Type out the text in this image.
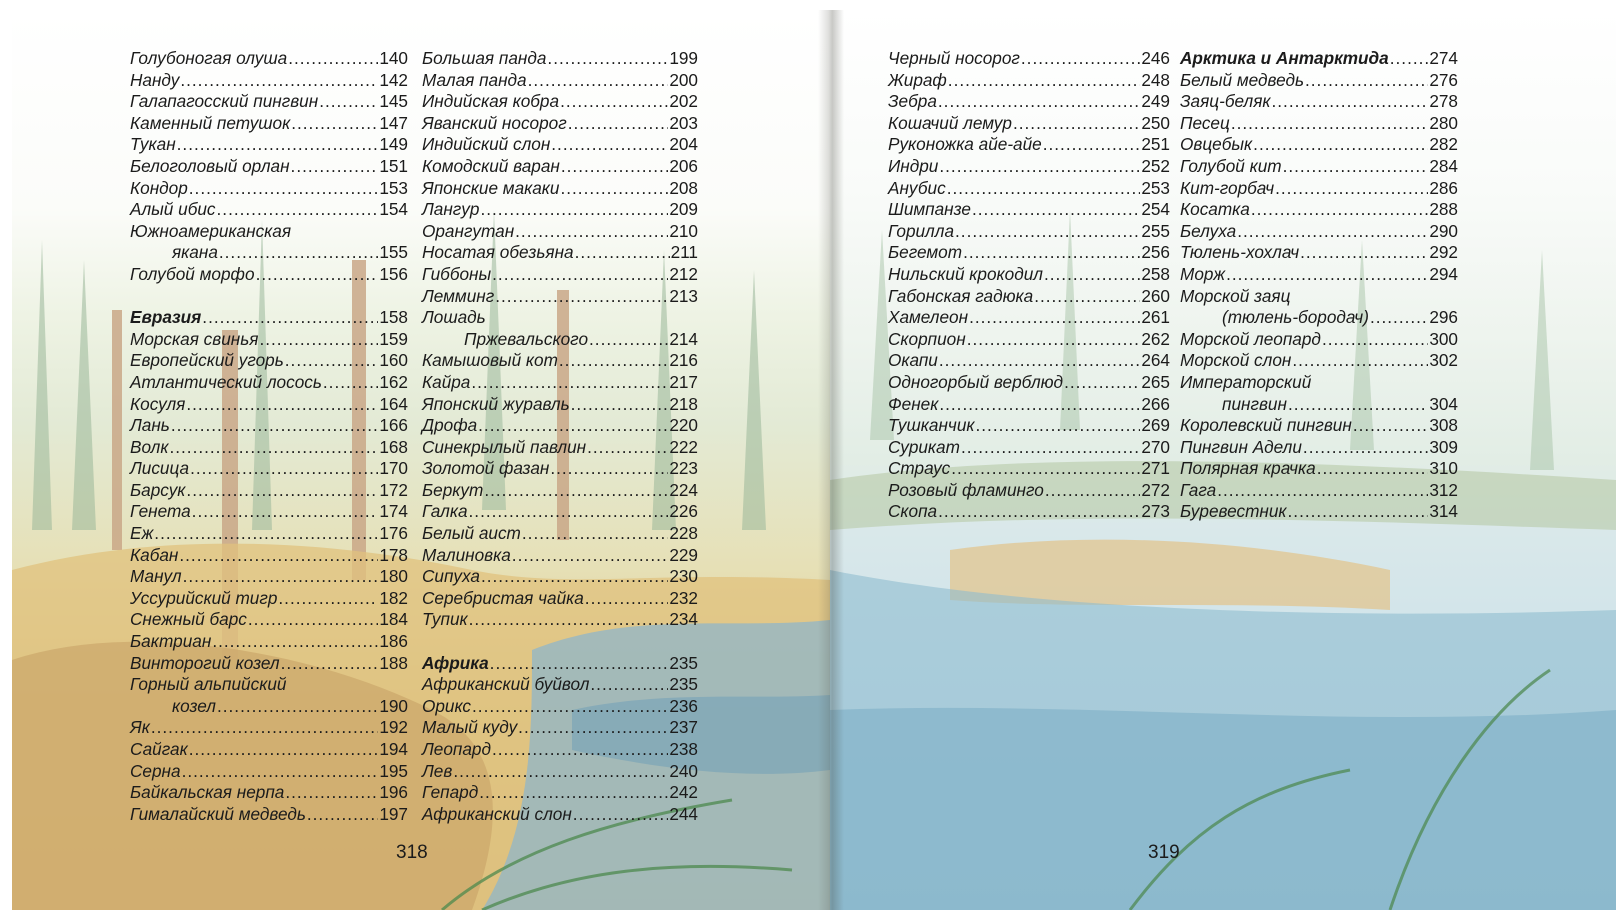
Голубоногая олуша .....	140
Нанду .....	142
Галапагосский пингвин .....	145
Каменный петушок .....	147
Тукан .....	149
Белоголовый орлан .....	151
Кондор .....	153
Алый ибис .....	154
Южноамериканская
якана .....	155
Голубой морфо .....	156
Евразия .....	158
Морская свинья .....	159
Европейский угорь .....	160
Атлантический лосось .....	162
Косуля .....	164
Лань .....	166
Волк .....	168
Лисица .....	170
Барсук .....	172
Генета .....	174
Еж .....	176
Кабан .....	178
Манул .....	180
Уссурийский тигр .....	182
Снежный барс .....	184
Бактриан .....	186
Винторогий козел .....	188
Горный альпийский
козел .....	190
Як .....	192
Сайгак .....	194
Серна .....	195
Байкальская нерпа .....	196
Гималайский медведь .....	197
Большая панда .....	199
Малая панда .....	200
Индийская кобра .....	202
Яванский носорог .....	203
Индийский слон .....	204
Комодский варан .....	206
Японские макаки .....	208
Лангур .....	209
Орангутан .....	210
Носатая обезьяна .....	211
Гиббоны .....	212
Лемминг .....	213
Лошадь
Пржевальского .....	214
Камышовый кот .....	216
Кайра .....	217
Японский журавль .....	218
Дрофа .....	220
Синекрылый павлин .....	222
Золотой фазан .....	223
Беркут .....	224
Галка .....	226
Белый аист .....	228
Малиновка .....	229
Сипуха .....	230
Серебристая чайка .....	232
Тупик .....	234
Африка .....	235
Африканский буйвол .....	235
Орикс .....	236
Малый куду .....	237
Леопард .....	238
Лев .....	240
Гепард .....	242
Африканский слон .....	244
318
Черный носорог .....	246
Жираф .....	248
Зебра .....	249
Кошачий лемур .....	250
Руконожка айе-айе .....	251
Индри .....	252
Анубис .....	253
Шимпанзе .....	254
Горилла .....	255
Бегемот .....	256
Нильский крокодил .....	258
Габонская гадюка .....	260
Хамелеон .....	261
Скорпион .....	262
Окапи .....	264
Одногорбый верблюд .....	265
Фенек .....	266
Тушканчик .....	269
Сурикат .....	270
Страус .....	271
Розовый фламинго .....	272
Скопа .....	273
Арктика и Антарктида ..... 274
Белый медведь .....	276
Заяц-беляк .....	278
Песец .....	280
Овцебык .....	282
Голубой кит .....	284
Кит-горбач .....	286
Косатка .....	288
Белуха .....	290
Тюлень-хохлач .....	292
Морж .....	294
Морской заяц
(тюлень-бородач) .....	296
Морской леопард .....	300
Морской слон .....	302
Императорский
пингвин .....	304
Королевский пингвин .....	308
Пингвин Адели .....	309
Полярная крачка .....	310
Гага .....	312
Буревестник .....	314
319
